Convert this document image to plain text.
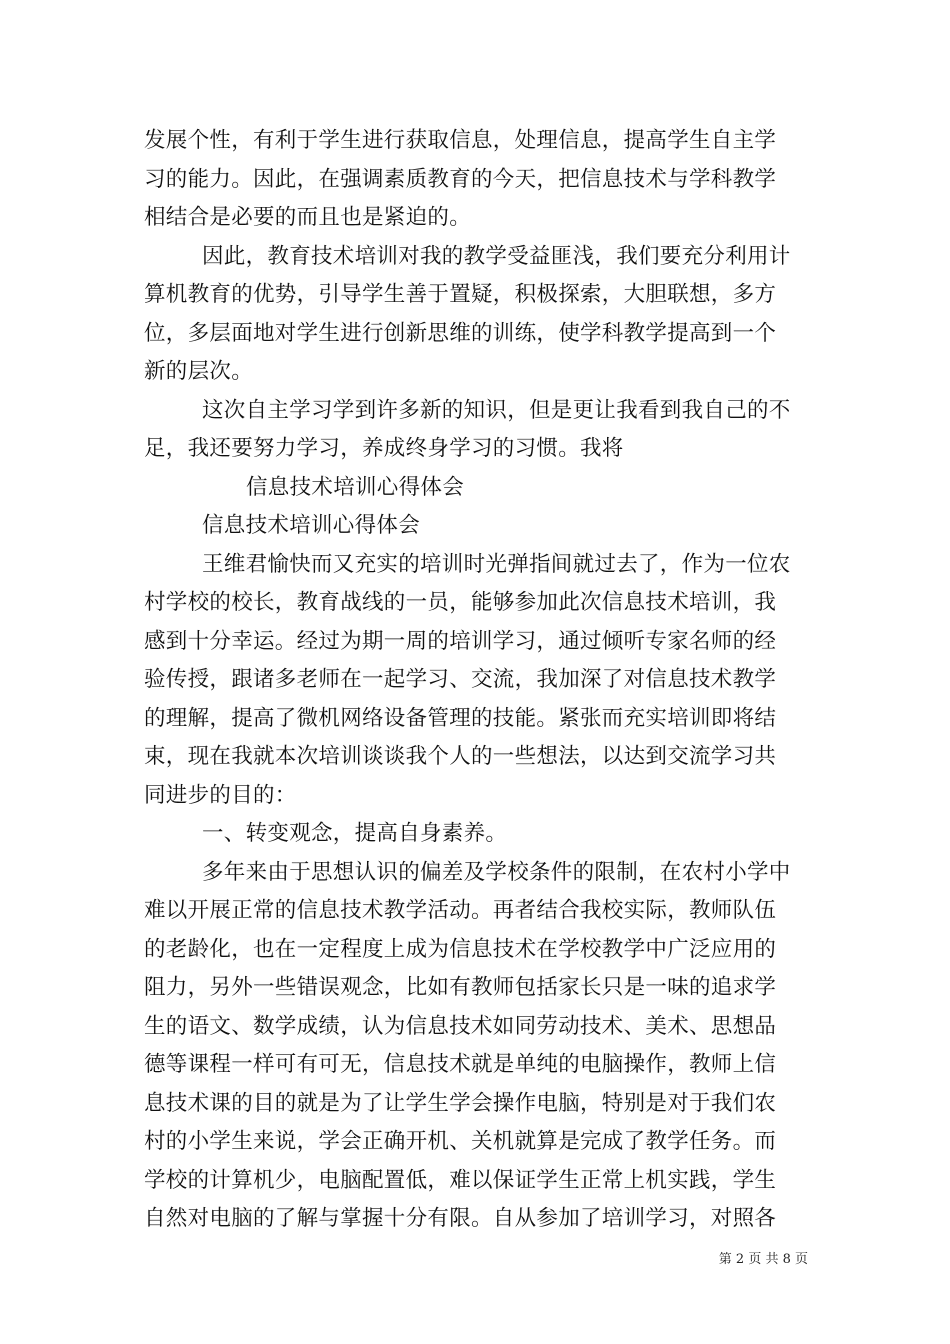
发展个性，有利于学生进行获取信息，处理信息，提高学生自主学
习的能力。因此，在强调素质教育的今天，把信息技术与学科教学
相结合是必要的而且也是紧迫的。
因此，教育技术培训对我的教学受益匪浅，我们要充分利用计
算机教育的优势，引导学生善于置疑，积极探索，大胆联想，多方
位，多层面地对学生进行创新思维的训练，使学科教学提高到一个
新的层次。
这次自主学习学到许多新的知识，但是更让我看到我自己的不
足，我还要努力学习，养成终身学习的习惯。我将
信息技术培训心得体会
信息技术培训心得体会
王维君愉快而又充实的培训时光弹指间就过去了，作为一位农
村学校的校长，教育战线的一员，能够参加此次信息技术培训，我
感到十分幸运。经过为期一周的培训学习，通过倾听专家名师的经
验传授，跟诸多老师在一起学习、交流，我加深了对信息技术教学
的理解，提高了微机网络设备管理的技能。紧张而充实培训即将结
束，现在我就本次培训谈谈我个人的一些想法，以达到交流学习共
同进步的目的：
一、转变观念，提高自身素养。
多年来由于思想认识的偏差及学校条件的限制，在农村小学中
难以开展正常的信息技术教学活动。再者结合我校实际，教师队伍
的老龄化，也在一定程度上成为信息技术在学校教学中广泛应用的
阻力，另外一些错误观念，比如有教师包括家长只是一味的追求学
生的语文、数学成绩，认为信息技术如同劳动技术、美术、思想品
德等课程一样可有可无，信息技术就是单纯的电脑操作，教师上信
息技术课的目的就是为了让学生学会操作电脑，特别是对于我们农
村的小学生来说，学会正确开机、关机就算是完成了教学任务。而
学校的计算机少，电脑配置低，难以保证学生正常上机实践，学生
自然对电脑的了解与掌握十分有限。自从参加了培训学习，对照各
第 2 页 共 8 页
